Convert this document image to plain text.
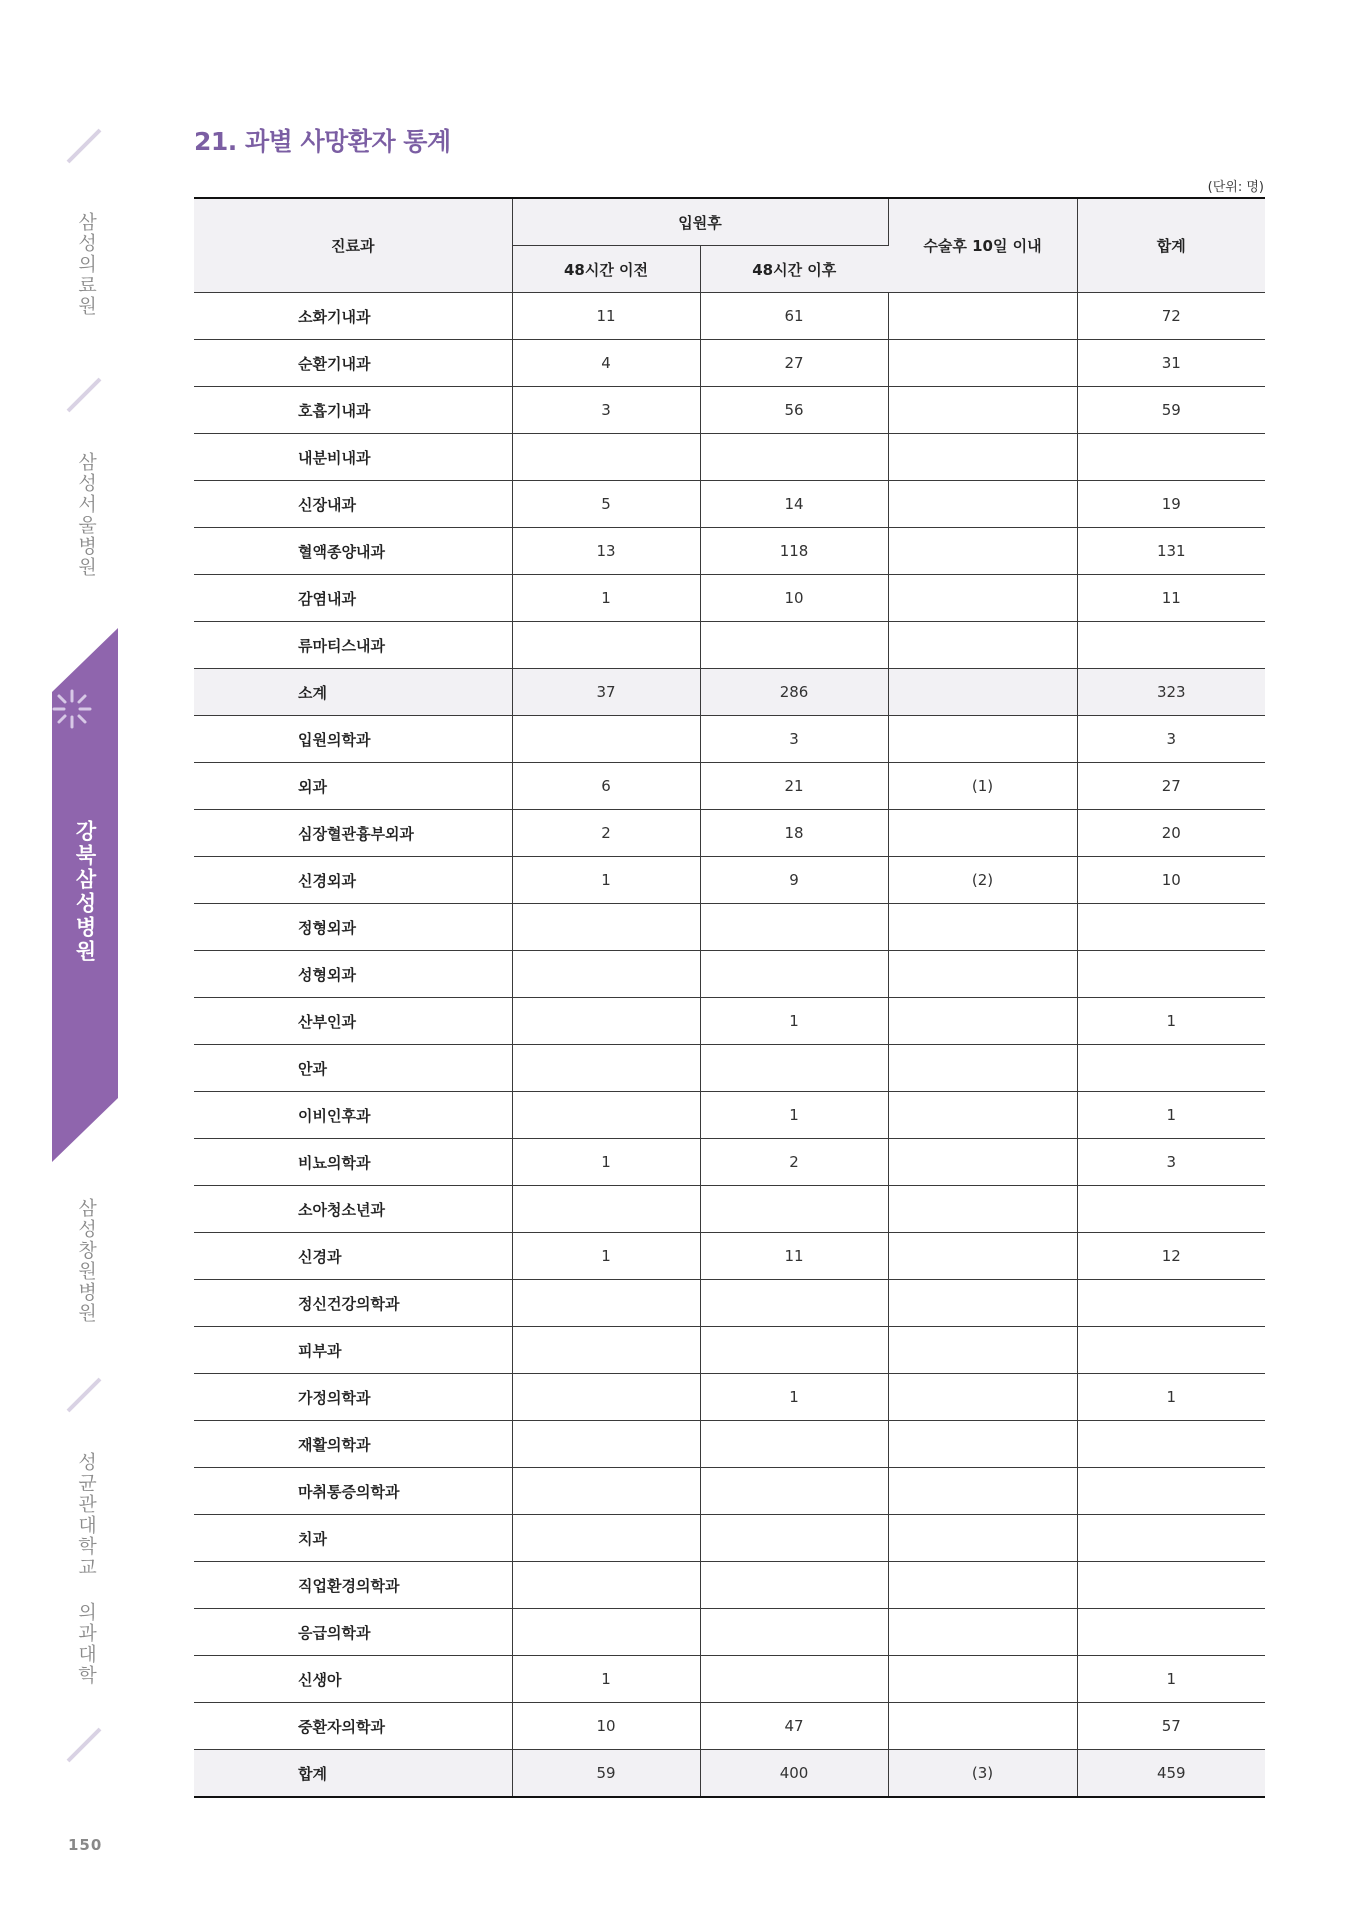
삼성의료원
삼성서울병원
강북삼성병원
삼성창원병원
성균관대학교 의과대학
150
21. 과별 사망환자 통계
(단위: 명)
진료과	입원후		수술후 10일 이내	합계
	48시간 이전	48시간 이후		
소화기내과	11	61		72
순환기내과	4	27		31
호흡기내과	3	56		59
내분비내과				
신장내과	5	14		19
혈액종양내과	13	118		131
감염내과	1	10		11
류마티스내과				
소계	37	286		323
입원의학과		3		3
외과	6	21	(1)	27
심장혈관흉부외과	2	18		20
신경외과	1	9	(2)	10
정형외과				
성형외과				
산부인과		1		1
안과				
이비인후과		1		1
비뇨의학과	1	2		3
소아청소년과				
신경과	1	11		12
정신건강의학과				
피부과				
가정의학과		1		1
재활의학과				
마취통증의학과				
치과				
직업환경의학과				
응급의학과				
신생아	1			1
중환자의학과	10	47		57
합계	59	400	(3)	459
